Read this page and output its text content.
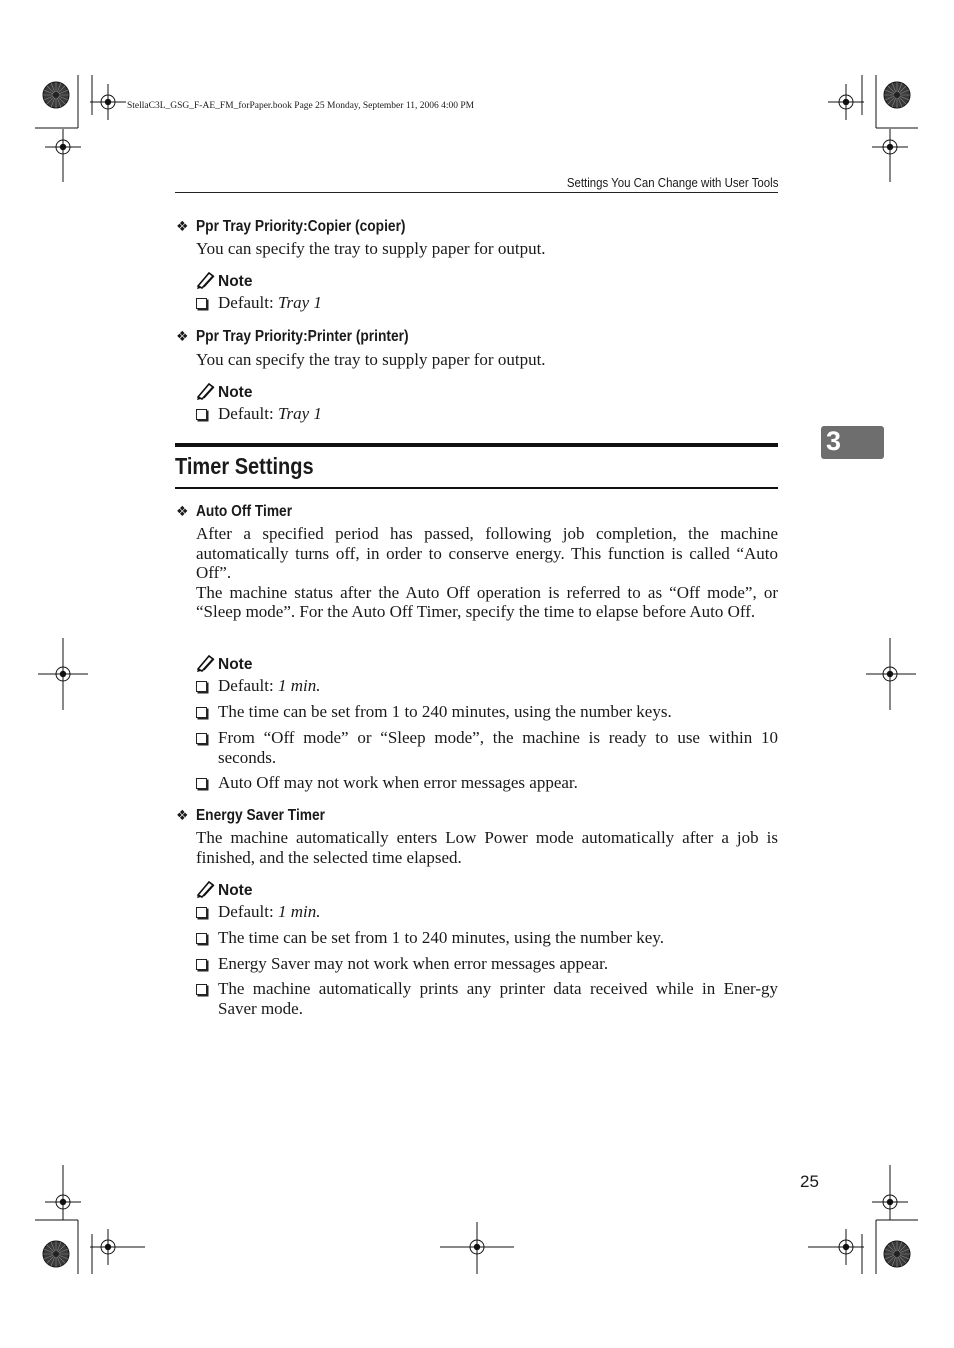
StellaC3L_GSG_F-AE_FM_forPaper.book Page 25 Monday, September 11, 2006 4:00 PM
Settings You Can Change with User Tools
❖ Ppr Tray Priority:Copier (copier)

You can specify the tray to supply paper for output.

Note
Default: Tray 1
❖ Ppr Tray Priority:Printer (printer)

You can specify the tray to supply paper for output.

Note
Default: Tray 1
Timer Settings
3
❖ Auto Off Timer

After a specified period has passed, following job completion, the machine automatically turns off, in order to conserve energy. This function is called “Auto Off”.

The machine status after the Auto Off operation is referred to as “Off mode”, or “Sleep mode”. For the Auto Off Timer, specify the time to elapse before Auto Off.

Note
Default: 1 min.
The time can be set from 1 to 240 minutes, using the number keys.
From “Off mode” or “Sleep mode”, the machine is ready to use within 10 seconds.
Auto Off may not work when error messages appear.
❖ Energy Saver Timer

The machine automatically enters Low Power mode automatically after a job is finished, and the selected time elapsed.

Note
Default: 1 min.
The time can be set from 1 to 240 minutes, using the number key.
Energy Saver may not work when error messages appear.
The machine automatically prints any printer data received while in Ener-gy Saver mode.
25
